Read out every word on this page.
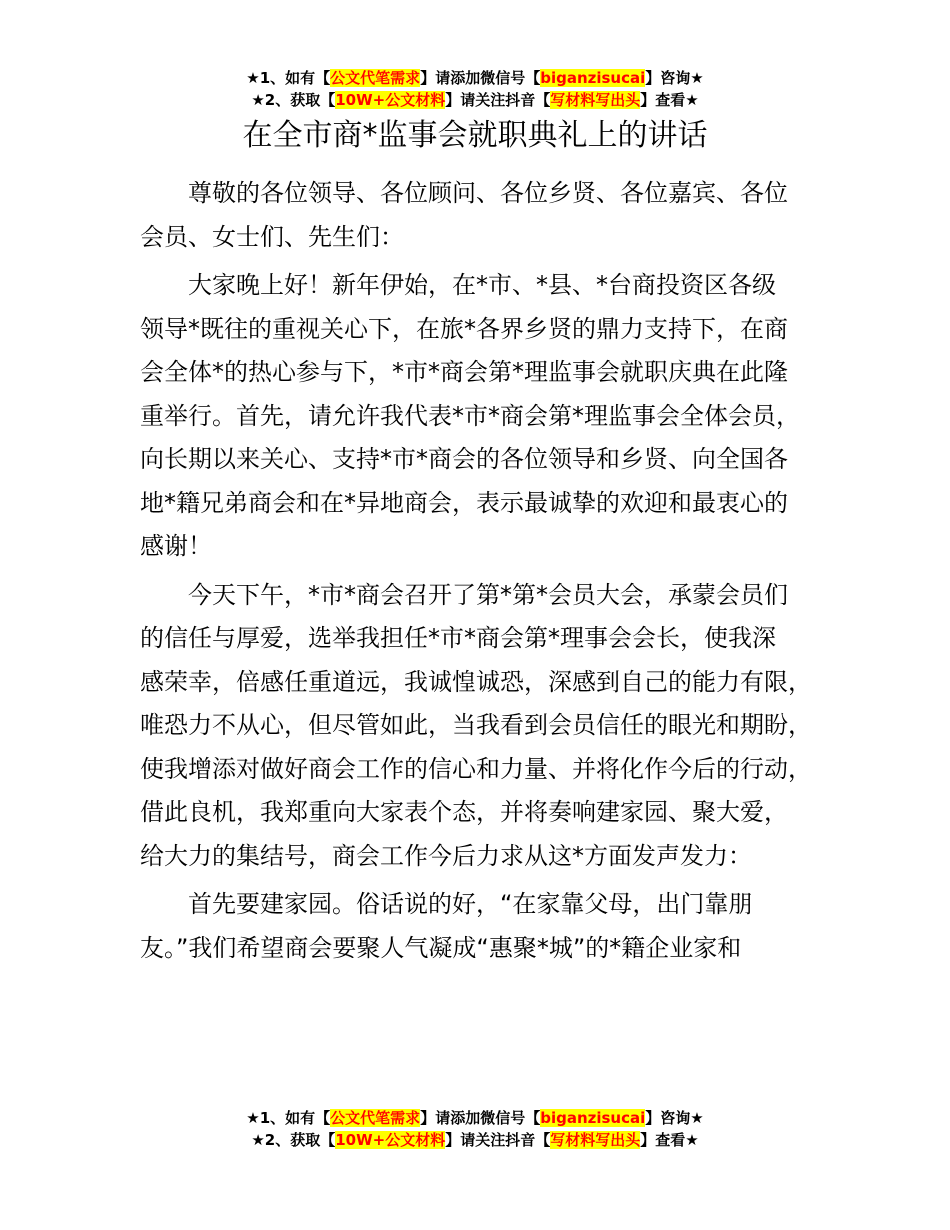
★1、如有【公文代笔需求】请添加微信号【biganzisucai】咨询★
★2、获取【10W+公文材料】请关注抖音【写材料写出头】查看★
在全市商*监事会就职典礼上的讲话

尊敬的各位领导、各位顾问、各位乡贤、各位嘉宾、各位
会员、女士们、先生们：

大家晚上好！新年伊始，在*市、*县、*台商投资区各级
领导*既往的重视关心下，在旅*各界乡贤的鼎力支持下，在商
会全体*的热心参与下，*市*商会第*理监事会就职庆典在此隆
重举行。首先，请允许我代表*市*商会第*理监事会全体会员，
向长期以来关心、支持*市*商会的各位领导和乡贤、向全国各
地*籍兄弟商会和在*异地商会，表示最诚挚的欢迎和最衷心的
感谢！

今天下午，*市*商会召开了第*第*会员大会，承蒙会员们
的信任与厚爱，选举我担任*市*商会第*理事会会长，使我深
感荣幸，倍感任重道远，我诚惶诚恐，深感到自己的能力有限，
唯恐力不从心，但尽管如此，当我看到会员信任的眼光和期盼，
使我增添对做好商会工作的信心和力量、并将化作今后的行动，
借此良机，我郑重向大家表个态，并将奏响建家园、聚大爱，
给大力的集结号，商会工作今后力求从这*方面发声发力：

首先要建家园。俗话说的好，“在家靠父母，出门靠朋
友。”我们希望商会要聚人气凝成“惠聚*城”的*籍企业家和

★1、如有【公文代笔需求】请添加微信号【biganzisucai】咨询★
★2、获取【10W+公文材料】请关注抖音【写材料写出头】查看★
